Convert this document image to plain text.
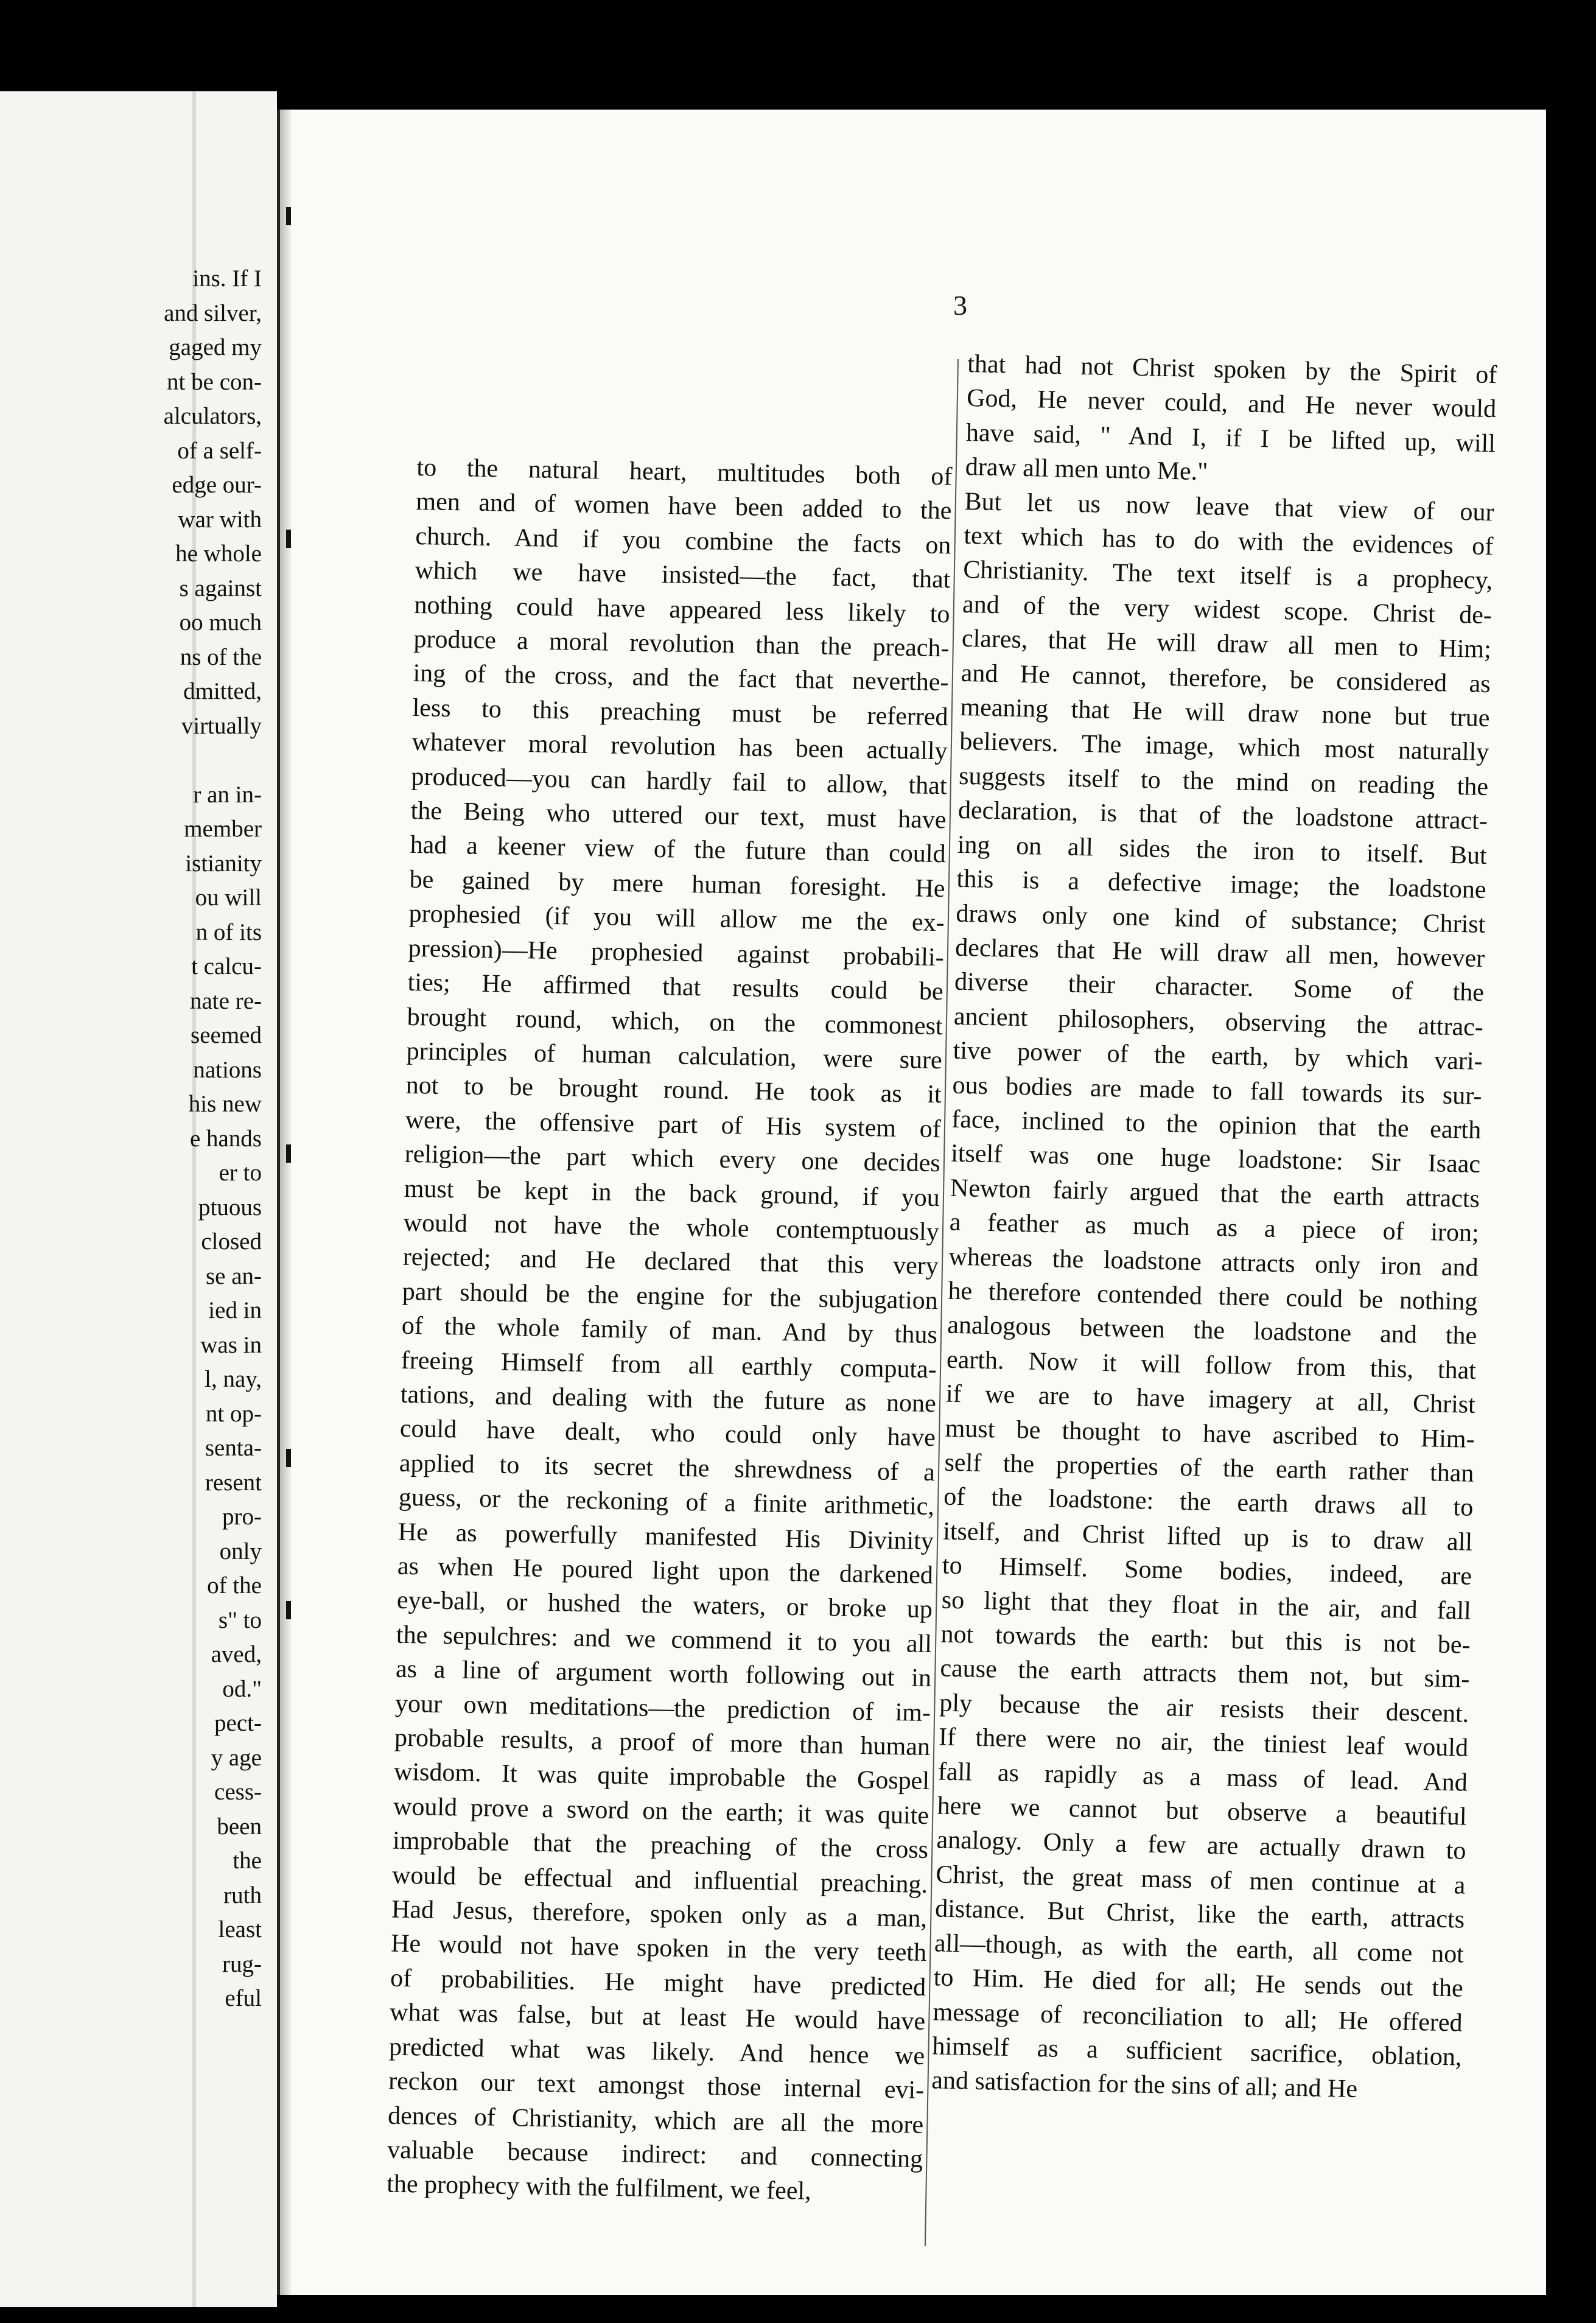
ins. If I
and silver,
gaged my
nt be con-
alculators,
of a self-
edge our-
war with
he whole
s against
oo much
ns of the
dmitted,
virtually

r an in-
member
istianity
ou will
n of its
t calcu-
nate re-
seemed
nations
his new
e hands
er to
ptuous
closed
se an-
ied in
was in
l, nay,
nt op-
senta-
resent
pro-
only
of the
s" to
aved,
od."
pect-
y age
cess-
been
the
ruth
least
rug-
eful
3
to the natural heart, multitudes both of
men and of women have been added to the
church. And if you combine the facts on
which we have insisted—the fact, that
nothing could have appeared less likely to
produce a moral revolution than the preach-
ing of the cross, and the fact that neverthe-
less to this preaching must be referred
whatever moral revolution has been actually
produced—you can hardly fail to allow, that
the Being who uttered our text, must have
had a keener view of the future than could
be gained by mere human foresight. He
prophesied (if you will allow me the ex-
pression)—He prophesied against probabili-
ties; He affirmed that results could be
brought round, which, on the commonest
principles of human calculation, were sure
not to be brought round. He took as it
were, the offensive part of His system of
religion—the part which every one decides
must be kept in the back ground, if you
would not have the whole contemptuously
rejected; and He declared that this very
part should be the engine for the subjugation
of the whole family of man. And by thus
freeing Himself from all earthly computa-
tations, and dealing with the future as none
could have dealt, who could only have
applied to its secret the shrewdness of a
guess, or the reckoning of a finite arithmetic,
He as powerfully manifested His Divinity
as when He poured light upon the darkened
eye-ball, or hushed the waters, or broke up
the sepulchres: and we commend it to you all
as a line of argument worth following out in
your own meditations—the prediction of im-
probable results, a proof of more than human
wisdom. It was quite improbable the Gospel
would prove a sword on the earth; it was quite
improbable that the preaching of the cross
would be effectual and influential preaching.
Had Jesus, therefore, spoken only as a man,
He would not have spoken in the very teeth
of probabilities. He might have predicted
what was false, but at least He would have
predicted what was likely. And hence we
reckon our text amongst those internal evi-
dences of Christianity, which are all the more
valuable because indirect: and connecting
the prophecy with the fulfilment, we feel,
that had not Christ spoken by the Spirit of
God, He never could, and He never would
have said, " And I, if I be lifted up, will
draw all men unto Me."
But let us now leave that view of our
text which has to do with the evidences of
Christianity. The text itself is a prophecy,
and of the very widest scope. Christ de-
clares, that He will draw all men to Him;
and He cannot, therefore, be considered as
meaning that He will draw none but true
believers. The image, which most naturally
suggests itself to the mind on reading the
declaration, is that of the loadstone attract-
ing on all sides the iron to itself. But
this is a defective image; the loadstone
draws only one kind of substance; Christ
declares that He will draw all men, however
diverse their character. Some of the
ancient philosophers, observing the attrac-
tive power of the earth, by which vari-
ous bodies are made to fall towards its sur-
face, inclined to the opinion that the earth
itself was one huge loadstone: Sir Isaac
Newton fairly argued that the earth attracts
a feather as much as a piece of iron;
whereas the loadstone attracts only iron and
he therefore contended there could be nothing
analogous between the loadstone and the
earth. Now it will follow from this, that
if we are to have imagery at all, Christ
must be thought to have ascribed to Him-
self the properties of the earth rather than
of the loadstone: the earth draws all to
itself, and Christ lifted up is to draw all
to Himself. Some bodies, indeed, are
so light that they float in the air, and fall
not towards the earth: but this is not be-
cause the earth attracts them not, but sim-
ply because the air resists their descent.
If there were no air, the tiniest leaf would
fall as rapidly as a mass of lead. And
here we cannot but observe a beautiful
analogy. Only a few are actually drawn to
Christ, the great mass of men continue at a
distance. But Christ, like the earth, attracts
all—though, as with the earth, all come not
to Him. He died for all; He sends out the
message of reconciliation to all; He offered
himself as a sufficient sacrifice, oblation,
and satisfaction for the sins of all; and He
